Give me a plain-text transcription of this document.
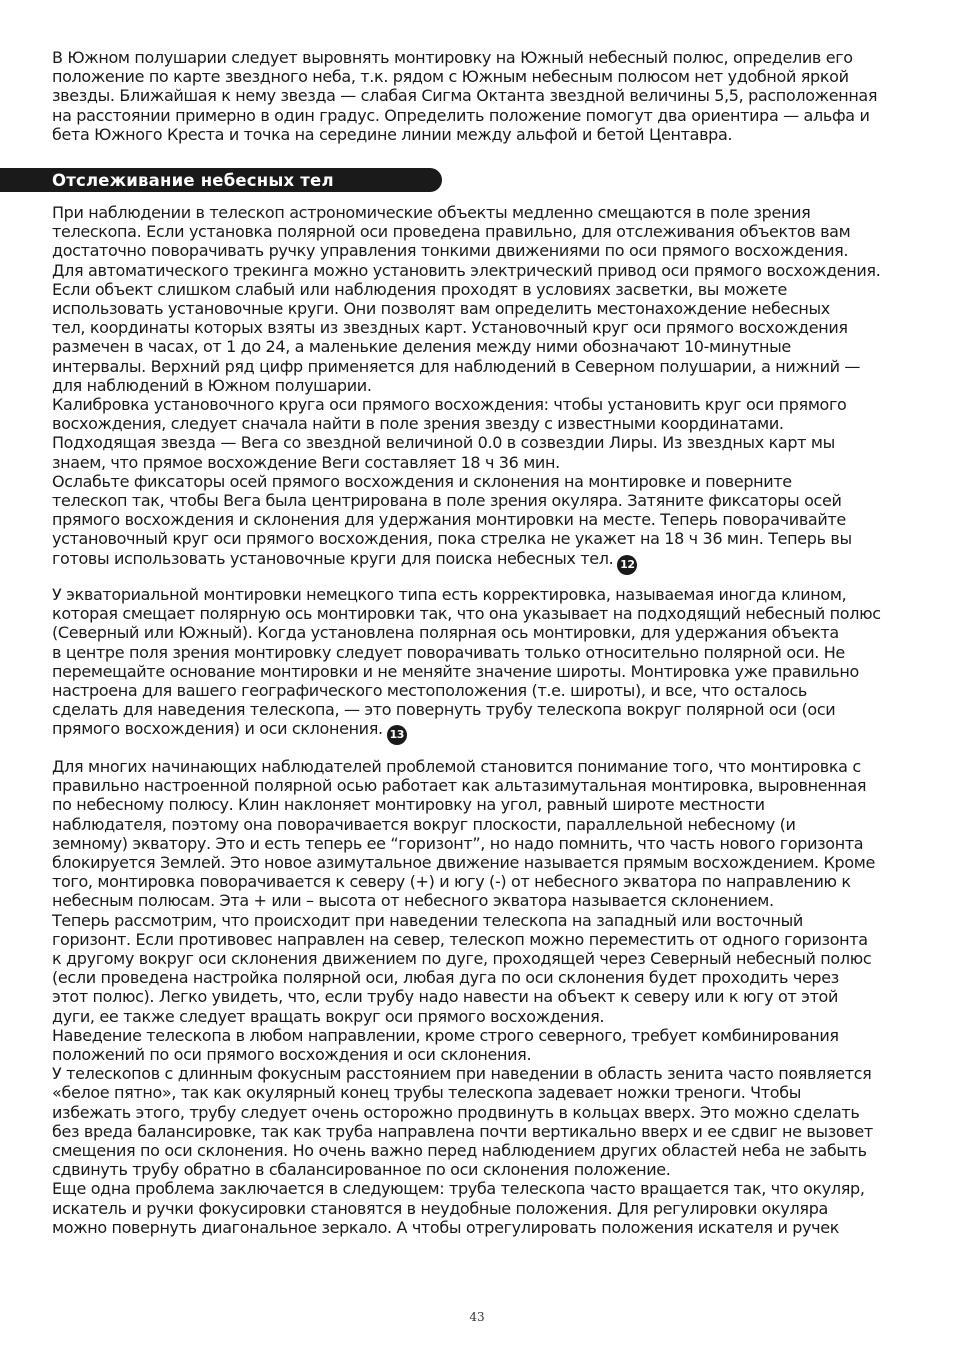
В Южном полушарии следует выровнять монтировку на Южный небесный полюс, определив его
положение по карте звездного неба, т.к. рядом с Южным небесным полюсом нет удобной яркой
звезды. Ближайшая к нему звезда — слабая Сигма Октанта звездной величины 5,5, расположенная
на расстоянии примерно в один градус. Определить положение помогут два ориентира — альфа и
бета Южного Креста и точка на середине линии между альфой и бетой Центавра.

Отслеживание небесных тел

При наблюдении в телескоп астрономические объекты медленно смещаются в поле зрения
телескопа. Если установка полярной оси проведена правильно, для отслеживания объектов вам
достаточно поворачивать ручку управления тонкими движениями по оси прямого восхождения.
Для автоматического трекинга можно установить электрический привод оси прямого восхождения.
Если объект слишком слабый или наблюдения проходят в условиях засветки, вы можете
использовать установочные круги. Они позволят вам определить местонахождение небесных
тел, координаты которых взяты из звездных карт. Установочный круг оси прямого восхождения
размечен в часах, от 1 до 24, а маленькие деления между ними обозначают 10-минутные
интервалы. Верхний ряд цифр применяется для наблюдений в Северном полушарии, а нижний —
для наблюдений в Южном полушарии.
Калибровка установочного круга оси прямого восхождения: чтобы установить круг оси прямого
восхождения, следует сначала найти в поле зрения звезду с известными координатами.
Подходящая звезда — Вега со звездной величиной 0.0 в созвездии Лиры. Из звездных карт мы
знаем, что прямое восхождение Веги составляет 18 ч 36 мин.
Ослабьте фиксаторы осей прямого восхождения и склонения на монтировке и поверните
телескоп так, чтобы Вега была центрирована в поле зрения окуляра. Затяните фиксаторы осей
прямого восхождения и склонения для удержания монтировки на месте. Теперь поворачивайте
установочный круг оси прямого восхождения, пока стрелка не укажет на 18 ч 36 мин. Теперь вы
готовы использовать установочные круги для поиска небесных тел. 12

У экваториальной монтировки немецкого типа есть корректировка, называемая иногда клином,
которая смещает полярную ось монтировки так, что она указывает на подходящий небесный полюс
(Северный или Южный). Когда установлена полярная ось монтировки, для удержания объекта
в центре поля зрения монтировку следует поворачивать только относительно полярной оси. Не
перемещайте основание монтировки и не меняйте значение широты. Монтировка уже правильно
настроена для вашего географического местоположения (т.е. широты), и все, что осталось
сделать для наведения телескопа, — это повернуть трубу телескопа вокруг полярной оси (оси
прямого восхождения) и оси склонения. 13

Для многих начинающих наблюдателей проблемой становится понимание того, что монтировка с
правильно настроенной полярной осью работает как альтазимутальная монтировка, выровненная
по небесному полюсу. Клин наклоняет монтировку на угол, равный широте местности
наблюдателя, поэтому она поворачивается вокруг плоскости, параллельной небесному (и
земному) экватору. Это и есть теперь ее “горизонт”, но надо помнить, что часть нового горизонта
блокируется Землей. Это новое азимутальное движение называется прямым восхождением. Кроме
того, монтировка поворачивается к северу (+) и югу (-) от небесного экватора по направлению к
небесным полюсам. Эта + или – высота от небесного экватора называется склонением.
Теперь рассмотрим, что происходит при наведении телескопа на западный или восточный
горизонт. Если противовес направлен на север, телескоп можно переместить от одного горизонта
к другому вокруг оси склонения движением по дуге, проходящей через Северный небесный полюс
(если проведена настройка полярной оси, любая дуга по оси склонения будет проходить через
этот полюс). Легко увидеть, что, если трубу надо навести на объект к северу или к югу от этой
дуги, ее также следует вращать вокруг оси прямого восхождения.
Наведение телескопа в любом направлении, кроме строго северного, требует комбинирования
положений по оси прямого восхождения и оси склонения.
У телескопов с длинным фокусным расстоянием при наведении в область зенита часто появляется
«белое пятно», так как окулярный конец трубы телескопа задевает ножки треноги. Чтобы
избежать этого, трубу следует очень осторожно продвинуть в кольцах вверх. Это можно сделать
без вреда балансировке, так как труба направлена почти вертикально вверх и ее сдвиг не вызовет
смещения по оси склонения. Но очень важно перед наблюдением других областей неба не забыть
сдвинуть трубу обратно в сбалансированное по оси склонения положение.
Еще одна проблема заключается в следующем: труба телескопа часто вращается так, что окуляр,
искатель и ручки фокусировки становятся в неудобные положения. Для регулировки окуляра
можно повернуть диагональное зеркало. А чтобы отрегулировать положения искателя и ручек

43
